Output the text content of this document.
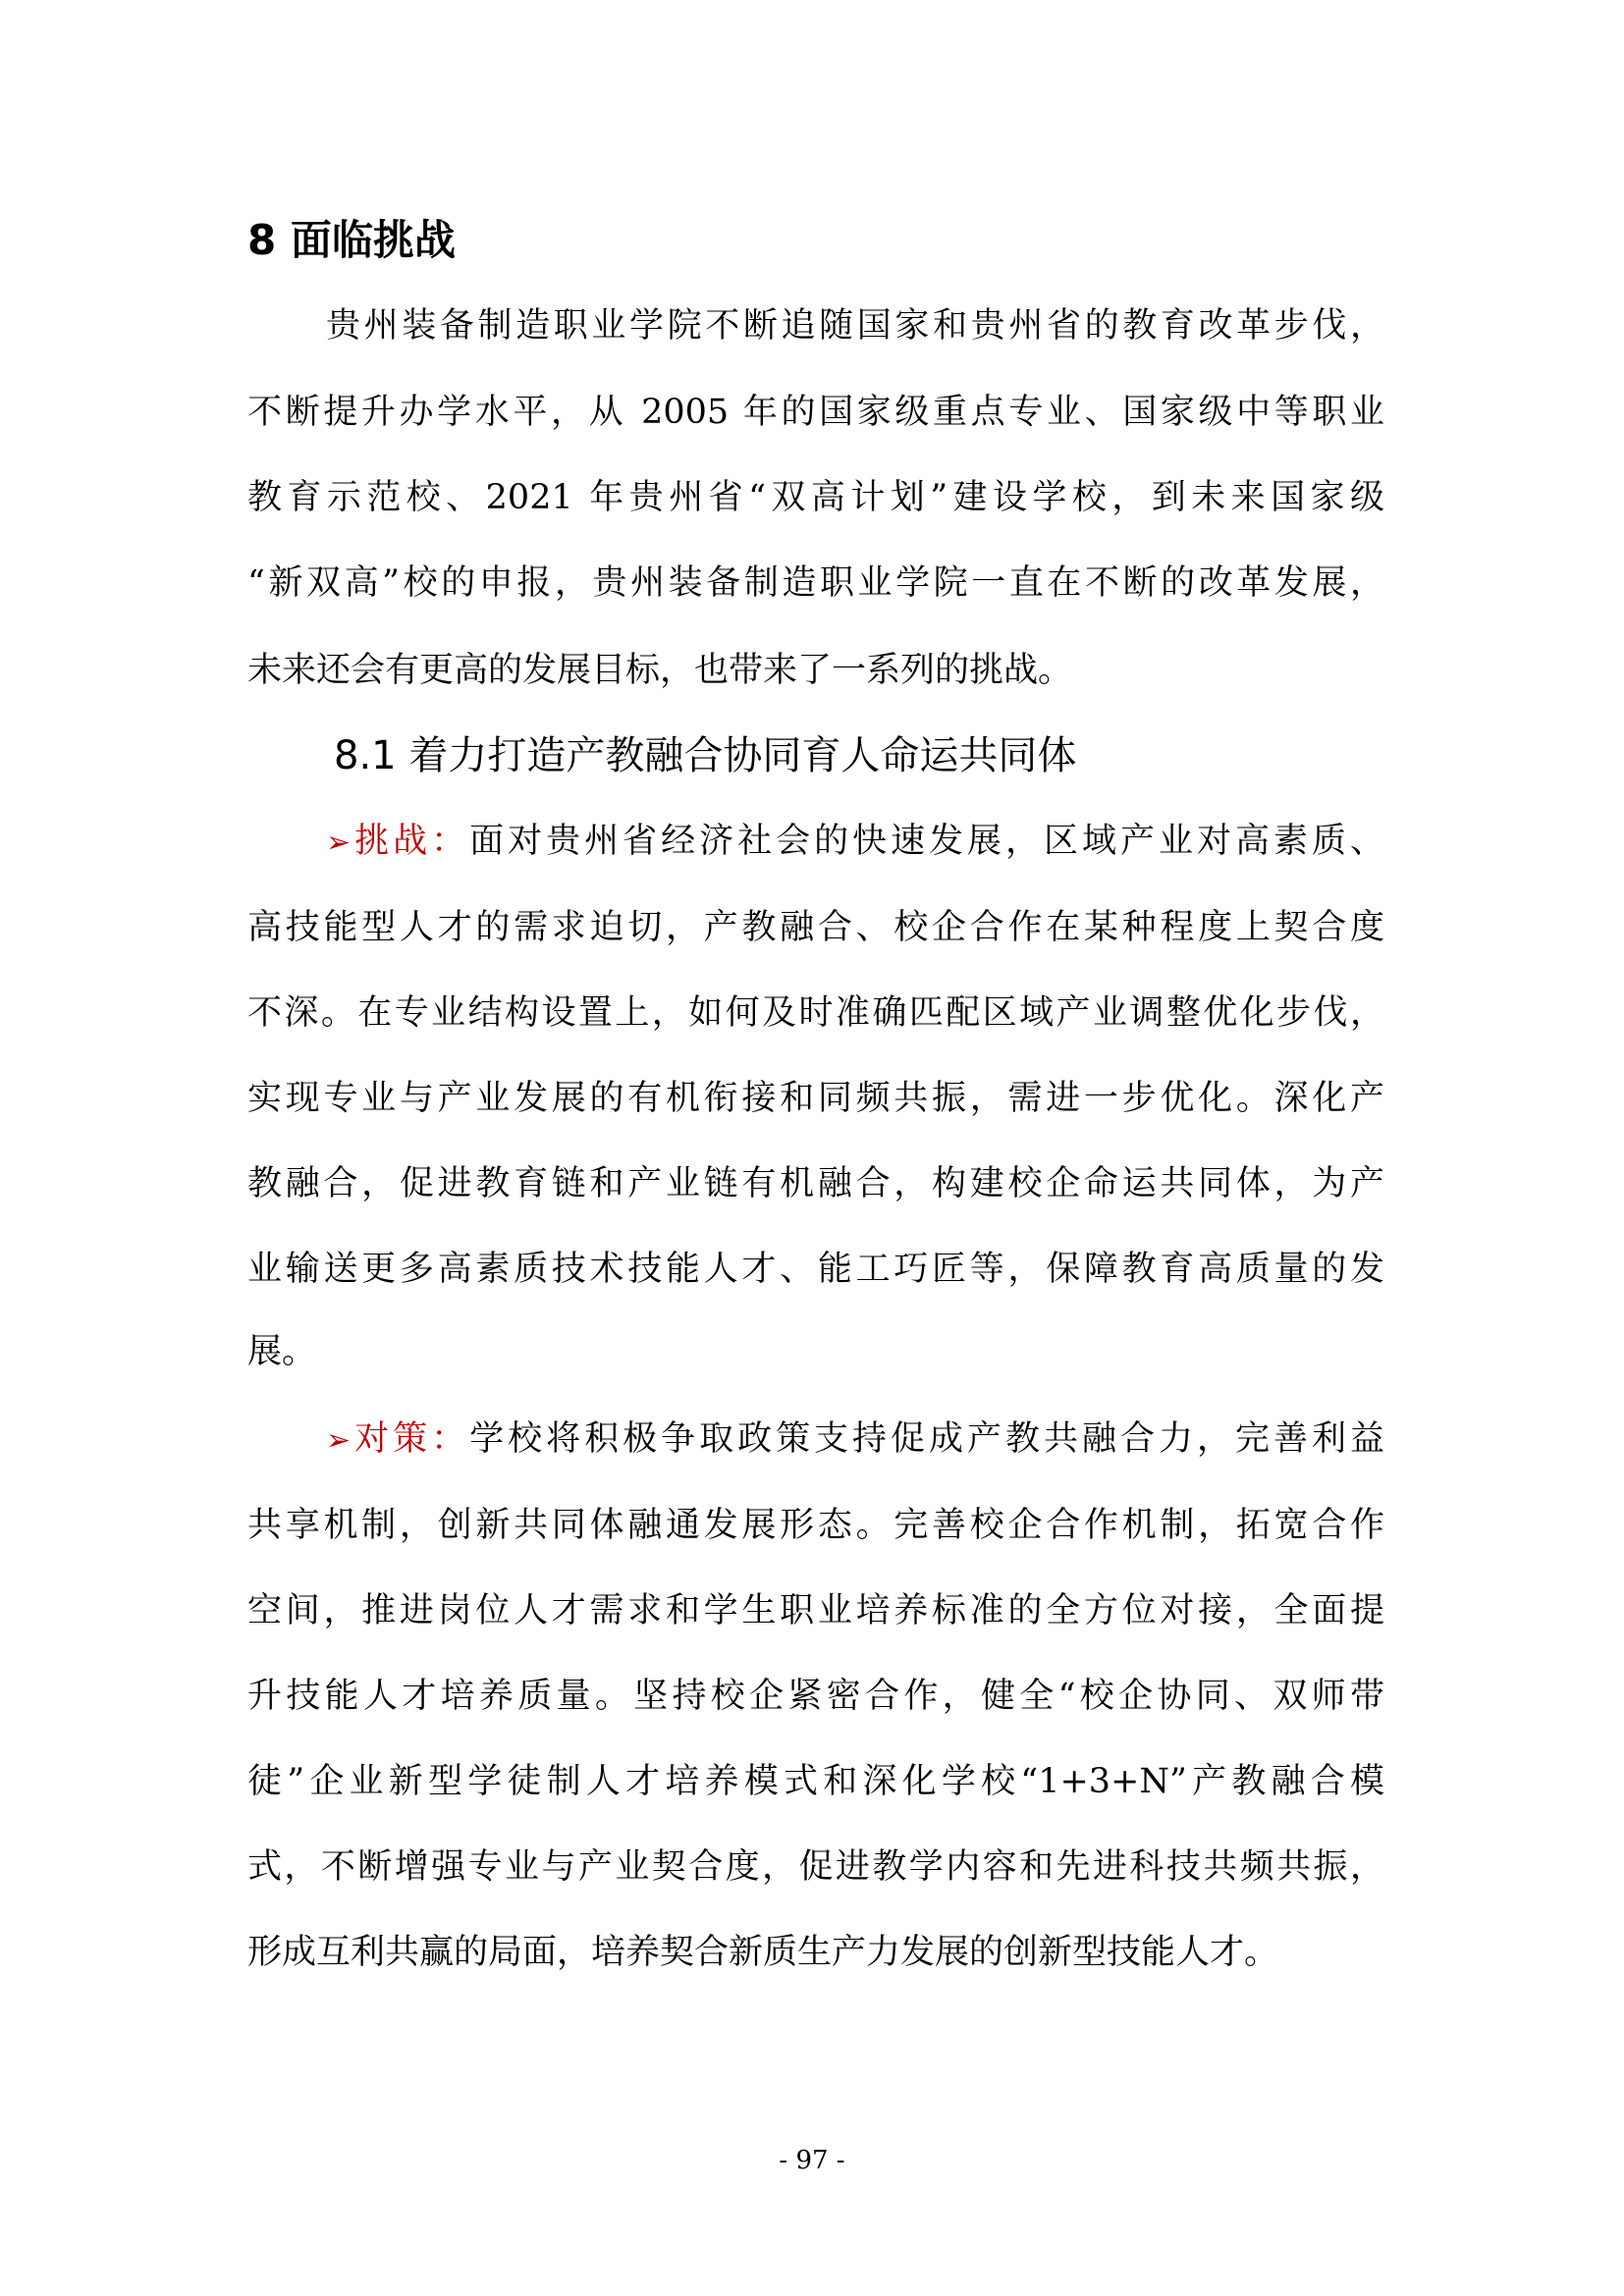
8 面临挑战
贵州装备制造职业学院不断追随国家和贵州省的教育改革步伐，
不断提升办学水平，从 2005 年的国家级重点专业、国家级中等职业
教育示范校、2021 年贵州省“双高计划”建设学校，到未来国家级
“新双高”校的申报，贵州装备制造职业学院一直在不断的改革发展，
未来还会有更高的发展目标，也带来了一系列的挑战。
8.1 着力打造产教融合协同育人命运共同体
➢挑战：面对贵州省经济社会的快速发展，区域产业对高素质、
高技能型人才的需求迫切，产教融合、校企合作在某种程度上契合度
不深。在专业结构设置上，如何及时准确匹配区域产业调整优化步伐，
实现专业与产业发展的有机衔接和同频共振，需进一步优化。深化产
教融合，促进教育链和产业链有机融合，构建校企命运共同体，为产
业输送更多高素质技术技能人才、能工巧匠等，保障教育高质量的发
展。
➢对策：学校将积极争取政策支持促成产教共融合力，完善利益
共享机制，创新共同体融通发展形态。完善校企合作机制，拓宽合作
空间，推进岗位人才需求和学生职业培养标准的全方位对接，全面提
升技能人才培养质量。坚持校企紧密合作，健全“校企协同、双师带
徒”企业新型学徒制人才培养模式和深化学校“1+3+N”产教融合模
式，不断增强专业与产业契合度，促进教学内容和先进科技共频共振，
形成互利共赢的局面，培养契合新质生产力发展的创新型技能人才。
- 97 -
